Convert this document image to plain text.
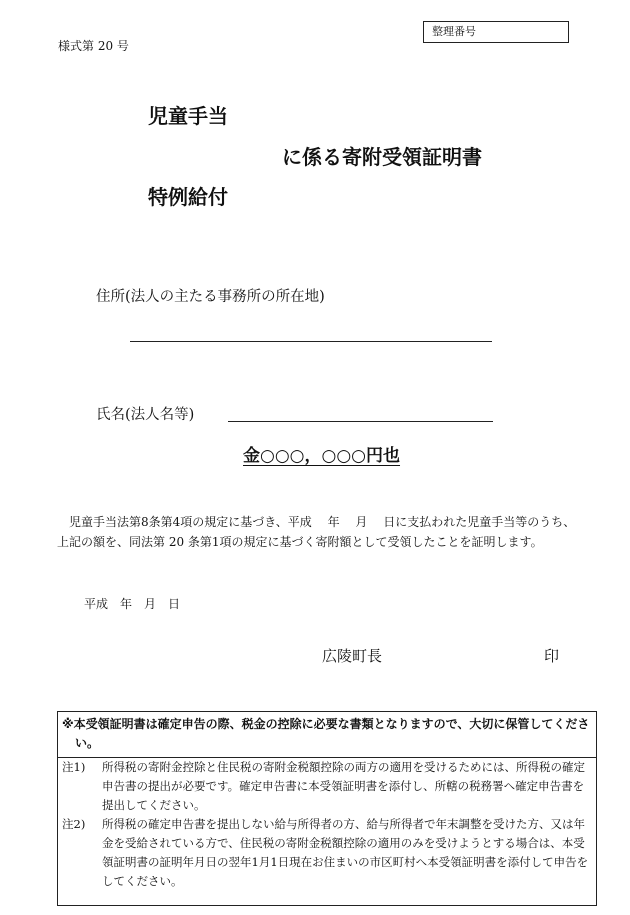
様式第 20 号
整理番号
児童手当
に係る寄附受領証明書
特例給付
住所(法人の主たる事務所の所在地)
氏名(法人名等)
金○○○，○○○円也
児童手当法第8条第4項の規定に基づき、平成　 年　 月　 日に支払われた児童手当等のうち、上記の額を、同法第 20 条第1項の規定に基づく寄附額として受領したことを証明します。
平成　年　月　日
広陵町長	印
※本受領証明書は確定申告の際、税金の控除に必要な書類となりますので、大切に保管してください。
注1)	所得税の寄附金控除と住民税の寄附金税額控除の両方の適用を受けるためには、所得税の確定申告書の提出が必要です。確定申告書に本受領証明書を添付し、所轄の税務署へ確定申告書を提出してください。
注2)	所得税の確定申告書を提出しない給与所得者の方、給与所得者で年末調整を受けた方、又は年金を受給されている方で、住民税の寄附金税額控除の適用のみを受けようとする場合は、本受領証明書の証明年月日の翌年1月1日現在お住まいの市区町村へ本受領証明書を添付して申告をしてください。
